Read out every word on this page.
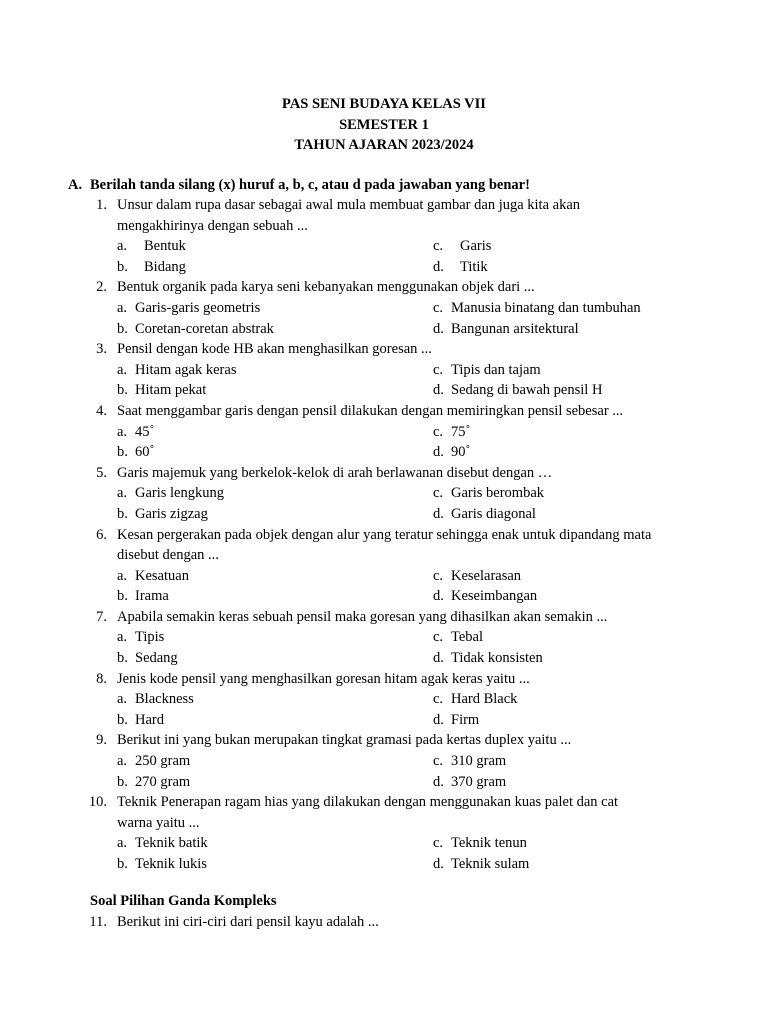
PAS SENI BUDAYA KELAS VII
SEMESTER 1
TAHUN AJARAN 2023/2024
A. Berilah tanda silang (x) huruf a, b, c, atau d pada jawaban yang benar!
1. Unsur dalam rupa dasar sebagai awal mula membuat gambar dan juga kita akan
mengakhirinya dengan sebuah ...
a. Bentuk	c. Garis
b. Bidang	d. Titik
2. Bentuk organik pada karya seni kebanyakan menggunakan objek dari ...
a. Garis-garis geometris	c. Manusia binatang dan tumbuhan
b. Coretan-coretan abstrak	d. Bangunan arsitektural
3. Pensil dengan kode HB akan menghasilkan goresan ...
a. Hitam agak keras	c. Tipis dan tajam
b. Hitam pekat	d. Sedang di bawah pensil H
4. Saat menggambar garis dengan pensil dilakukan dengan memiringkan pensil sebesar ...
a. 45˚	c. 75˚
b. 60˚	d. 90˚
5. Garis majemuk yang berkelok-kelok di arah berlawanan disebut dengan …
a. Garis lengkung	c. Garis berombak
b. Garis zigzag	d. Garis diagonal
6. Kesan pergerakan pada objek dengan alur yang teratur sehingga enak untuk dipandang mata
disebut dengan ...
a. Kesatuan	c. Keselarasan
b. Irama	d. Keseimbangan
7. Apabila semakin keras sebuah pensil maka goresan yang dihasilkan akan semakin ...
a. Tipis	c. Tebal
b. Sedang	d. Tidak konsisten
8. Jenis kode pensil yang menghasilkan goresan hitam agak keras yaitu ...
a. Blackness	c. Hard Black
b. Hard	d. Firm
9. Berikut ini yang bukan merupakan tingkat gramasi pada kertas duplex yaitu ...
a. 250 gram	c. 310 gram
b. 270 gram	d. 370 gram
10. Teknik Penerapan ragam hias yang dilakukan dengan menggunakan kuas palet dan cat
warna yaitu ...
a. Teknik batik	c. Teknik tenun
b. Teknik lukis	d. Teknik sulam
Soal Pilihan Ganda Kompleks
11. Berikut ini ciri-ciri dari pensil kayu adalah ...
